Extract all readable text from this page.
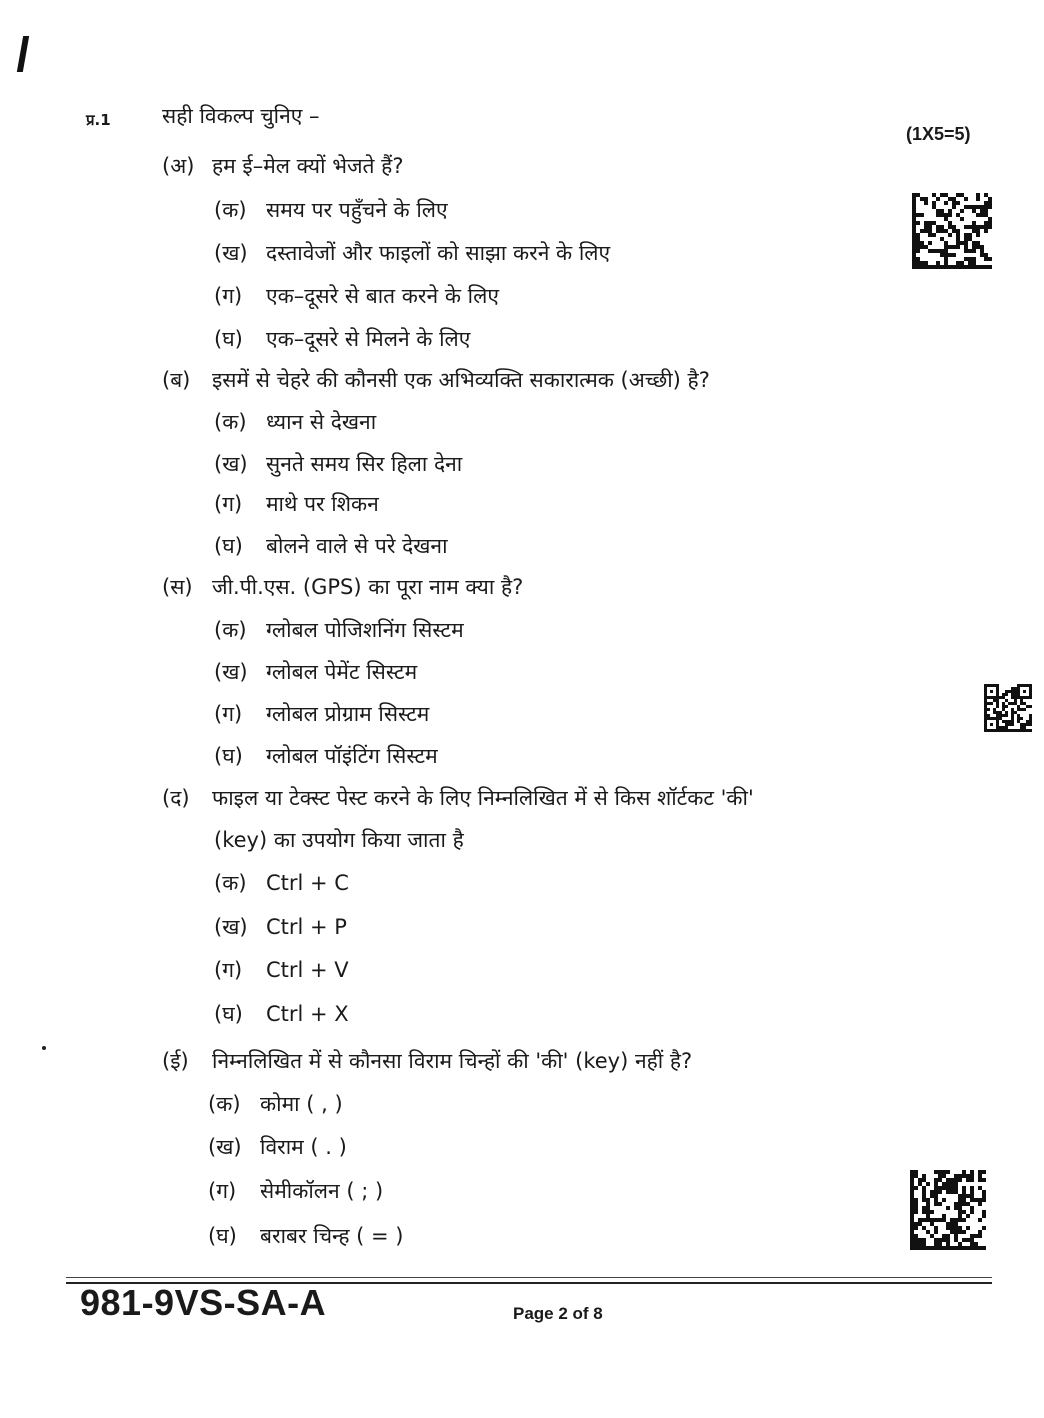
प्र.1 सही विकल्प चुनिए –
(1X5=5)
(अ) हम ई–मेल क्यों भेजते हैं?
(क) समय पर पहुँचने के लिए
(ख) दस्तावेजों और फाइलों को साझा करने के लिए
(ग) एक–दूसरे से बात करने के लिए
(घ) एक–दूसरे से मिलने के लिए
(ब) इसमें से चेहरे की कौनसी एक अभिव्यक्ति सकारात्मक (अच्छी) है?
(क) ध्यान से देखना
(ख) सुनते समय सिर हिला देना
(ग) माथे पर शिकन
(घ) बोलने वाले से परे देखना
(स) जी.पी.एस. (GPS) का पूरा नाम क्या है?
(क) ग्लोबल पोजिशनिंग सिस्टम
(ख) ग्लोबल पेमेंट सिस्टम
(ग) ग्लोबल प्रोग्राम सिस्टम
(घ) ग्लोबल पॉइंटिंग सिस्टम
(द) फाइल या टेक्स्ट पेस्ट करने के लिए निम्नलिखित में से किस शॉर्टकट 'की'
(key) का उपयोग किया जाता है
(क) Ctrl + C
(ख) Ctrl + P
(ग) Ctrl + V
(घ) Ctrl + X
(ई) निम्नलिखित में से कौनसा विराम चिन्हों की 'की' (key) नहीं है?
(क) कोमा ( , )
(ख) विराम ( . )
(ग) सेमीकॉलन ( ; )
(घ) बराबर चिन्ह ( = )
981-9VS-SA-A	Page 2 of 8
